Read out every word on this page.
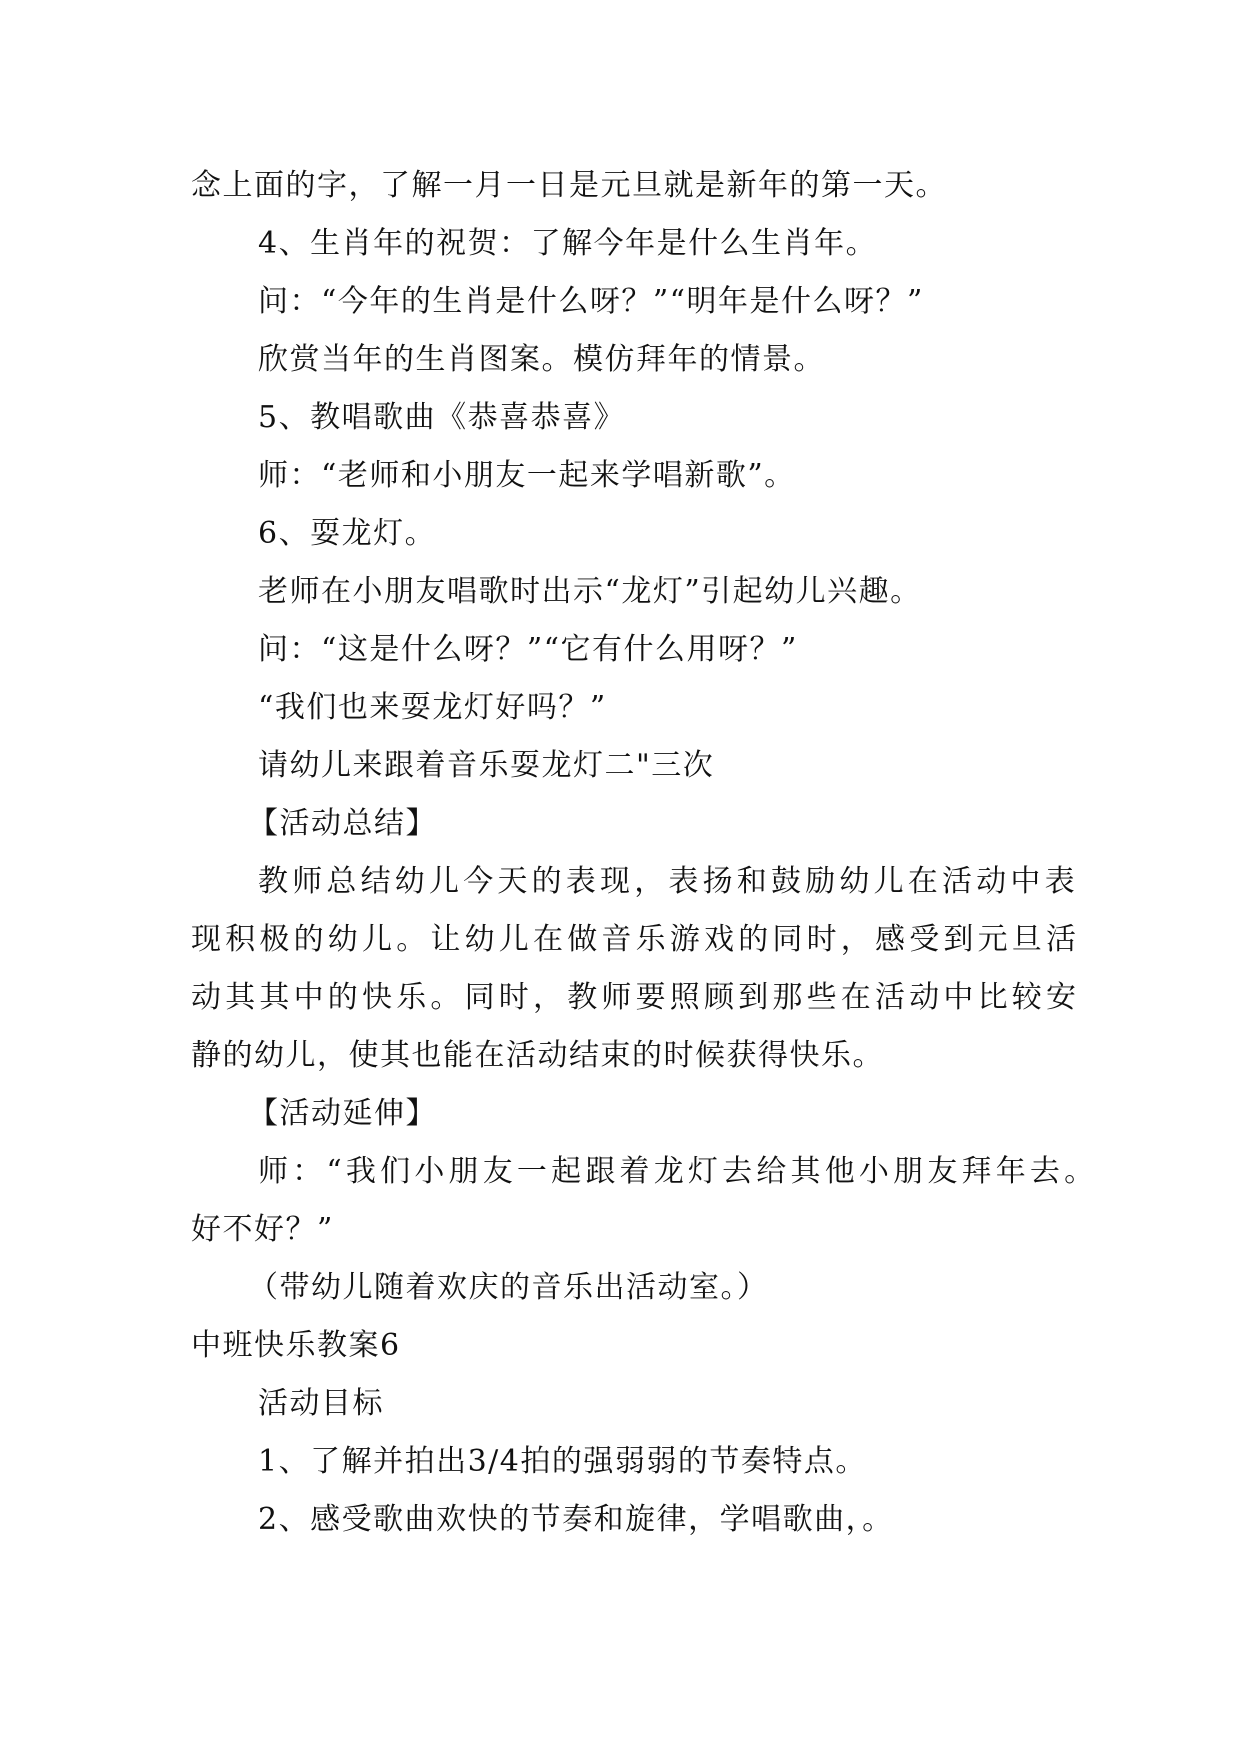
念上面的字，了解一月一日是元旦就是新年的第一天。
4、生肖年的祝贺：了解今年是什么生肖年。
问：“今年的生肖是什么呀？”“明年是什么呀？”
欣赏当年的生肖图案。模仿拜年的情景。
5、教唱歌曲《恭喜恭喜》
师：“老师和小朋友一起来学唱新歌”。
6、耍龙灯。
老师在小朋友唱歌时出示“龙灯”引起幼儿兴趣。
问：“这是什么呀？”“它有什么用呀？”
“我们也来耍龙灯好吗？”
请幼儿来跟着音乐耍龙灯二"三次
【活动总结】
教师总结幼儿今天的表现，表扬和鼓励幼儿在活动中表
现积极的幼儿。让幼儿在做音乐游戏的同时，感受到元旦活
动其其中的快乐。同时，教师要照顾到那些在活动中比较安
静的幼儿，使其也能在活动结束的时候获得快乐。
【活动延伸】
师：“我们小朋友一起跟着龙灯去给其他小朋友拜年去。
好不好？”
（带幼儿随着欢庆的音乐出活动室。）
中班快乐教案6
活动目标
1、了解并拍出3/4拍的强弱弱的节奏特点。
2、感受歌曲欢快的节奏和旋律，学唱歌曲，。
